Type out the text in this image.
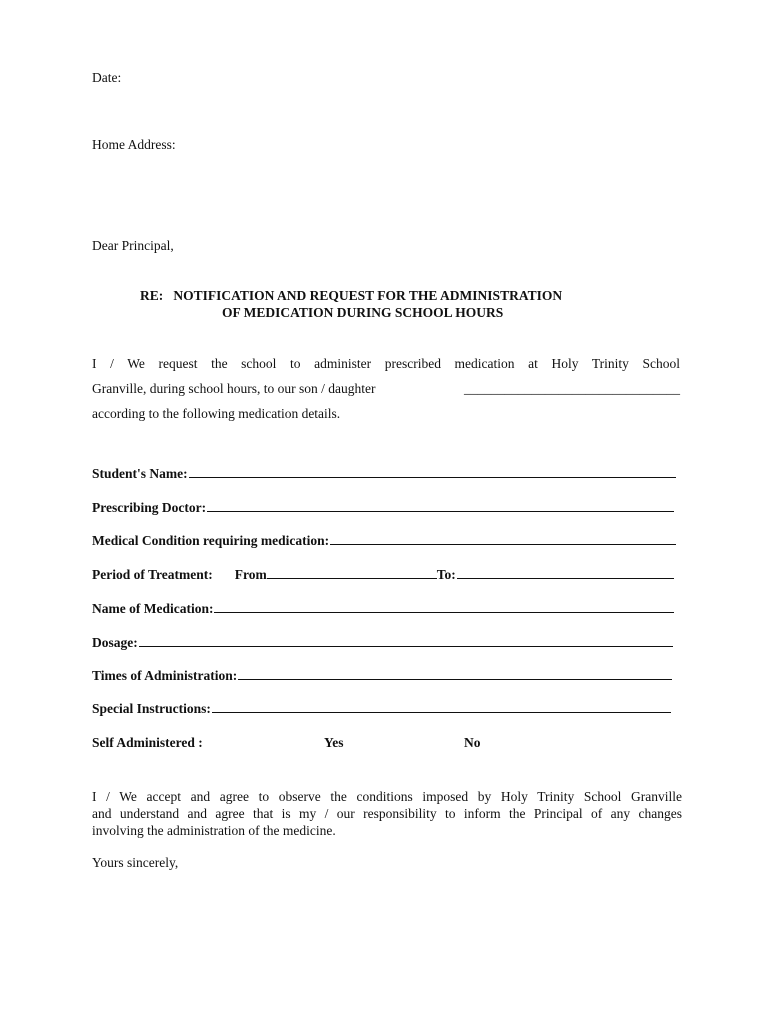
Date:
Home Address:
Dear Principal,
RE:   NOTIFICATION AND REQUEST FOR THE ADMINISTRATION
OF MEDICATION DURING SCHOOL HOURS
I / We request the school to administer prescribed medication at Holy Trinity School
Granville, during school hours, to our son / daughter	________________________________
according to the following medication details.
Student's Name:
Prescribing Doctor:
Medical Condition requiring medication:
Period of Treatment: From	To:
Name of Medication:
Dosage:
Times of Administration:
Special Instructions:
Self Administered :	Yes	No
I / We accept and agree to observe the conditions imposed by Holy Trinity School Granville
and understand and agree that is my / our responsibility to inform the Principal of any changes
involving the administration of the medicine.
Yours sincerely,
